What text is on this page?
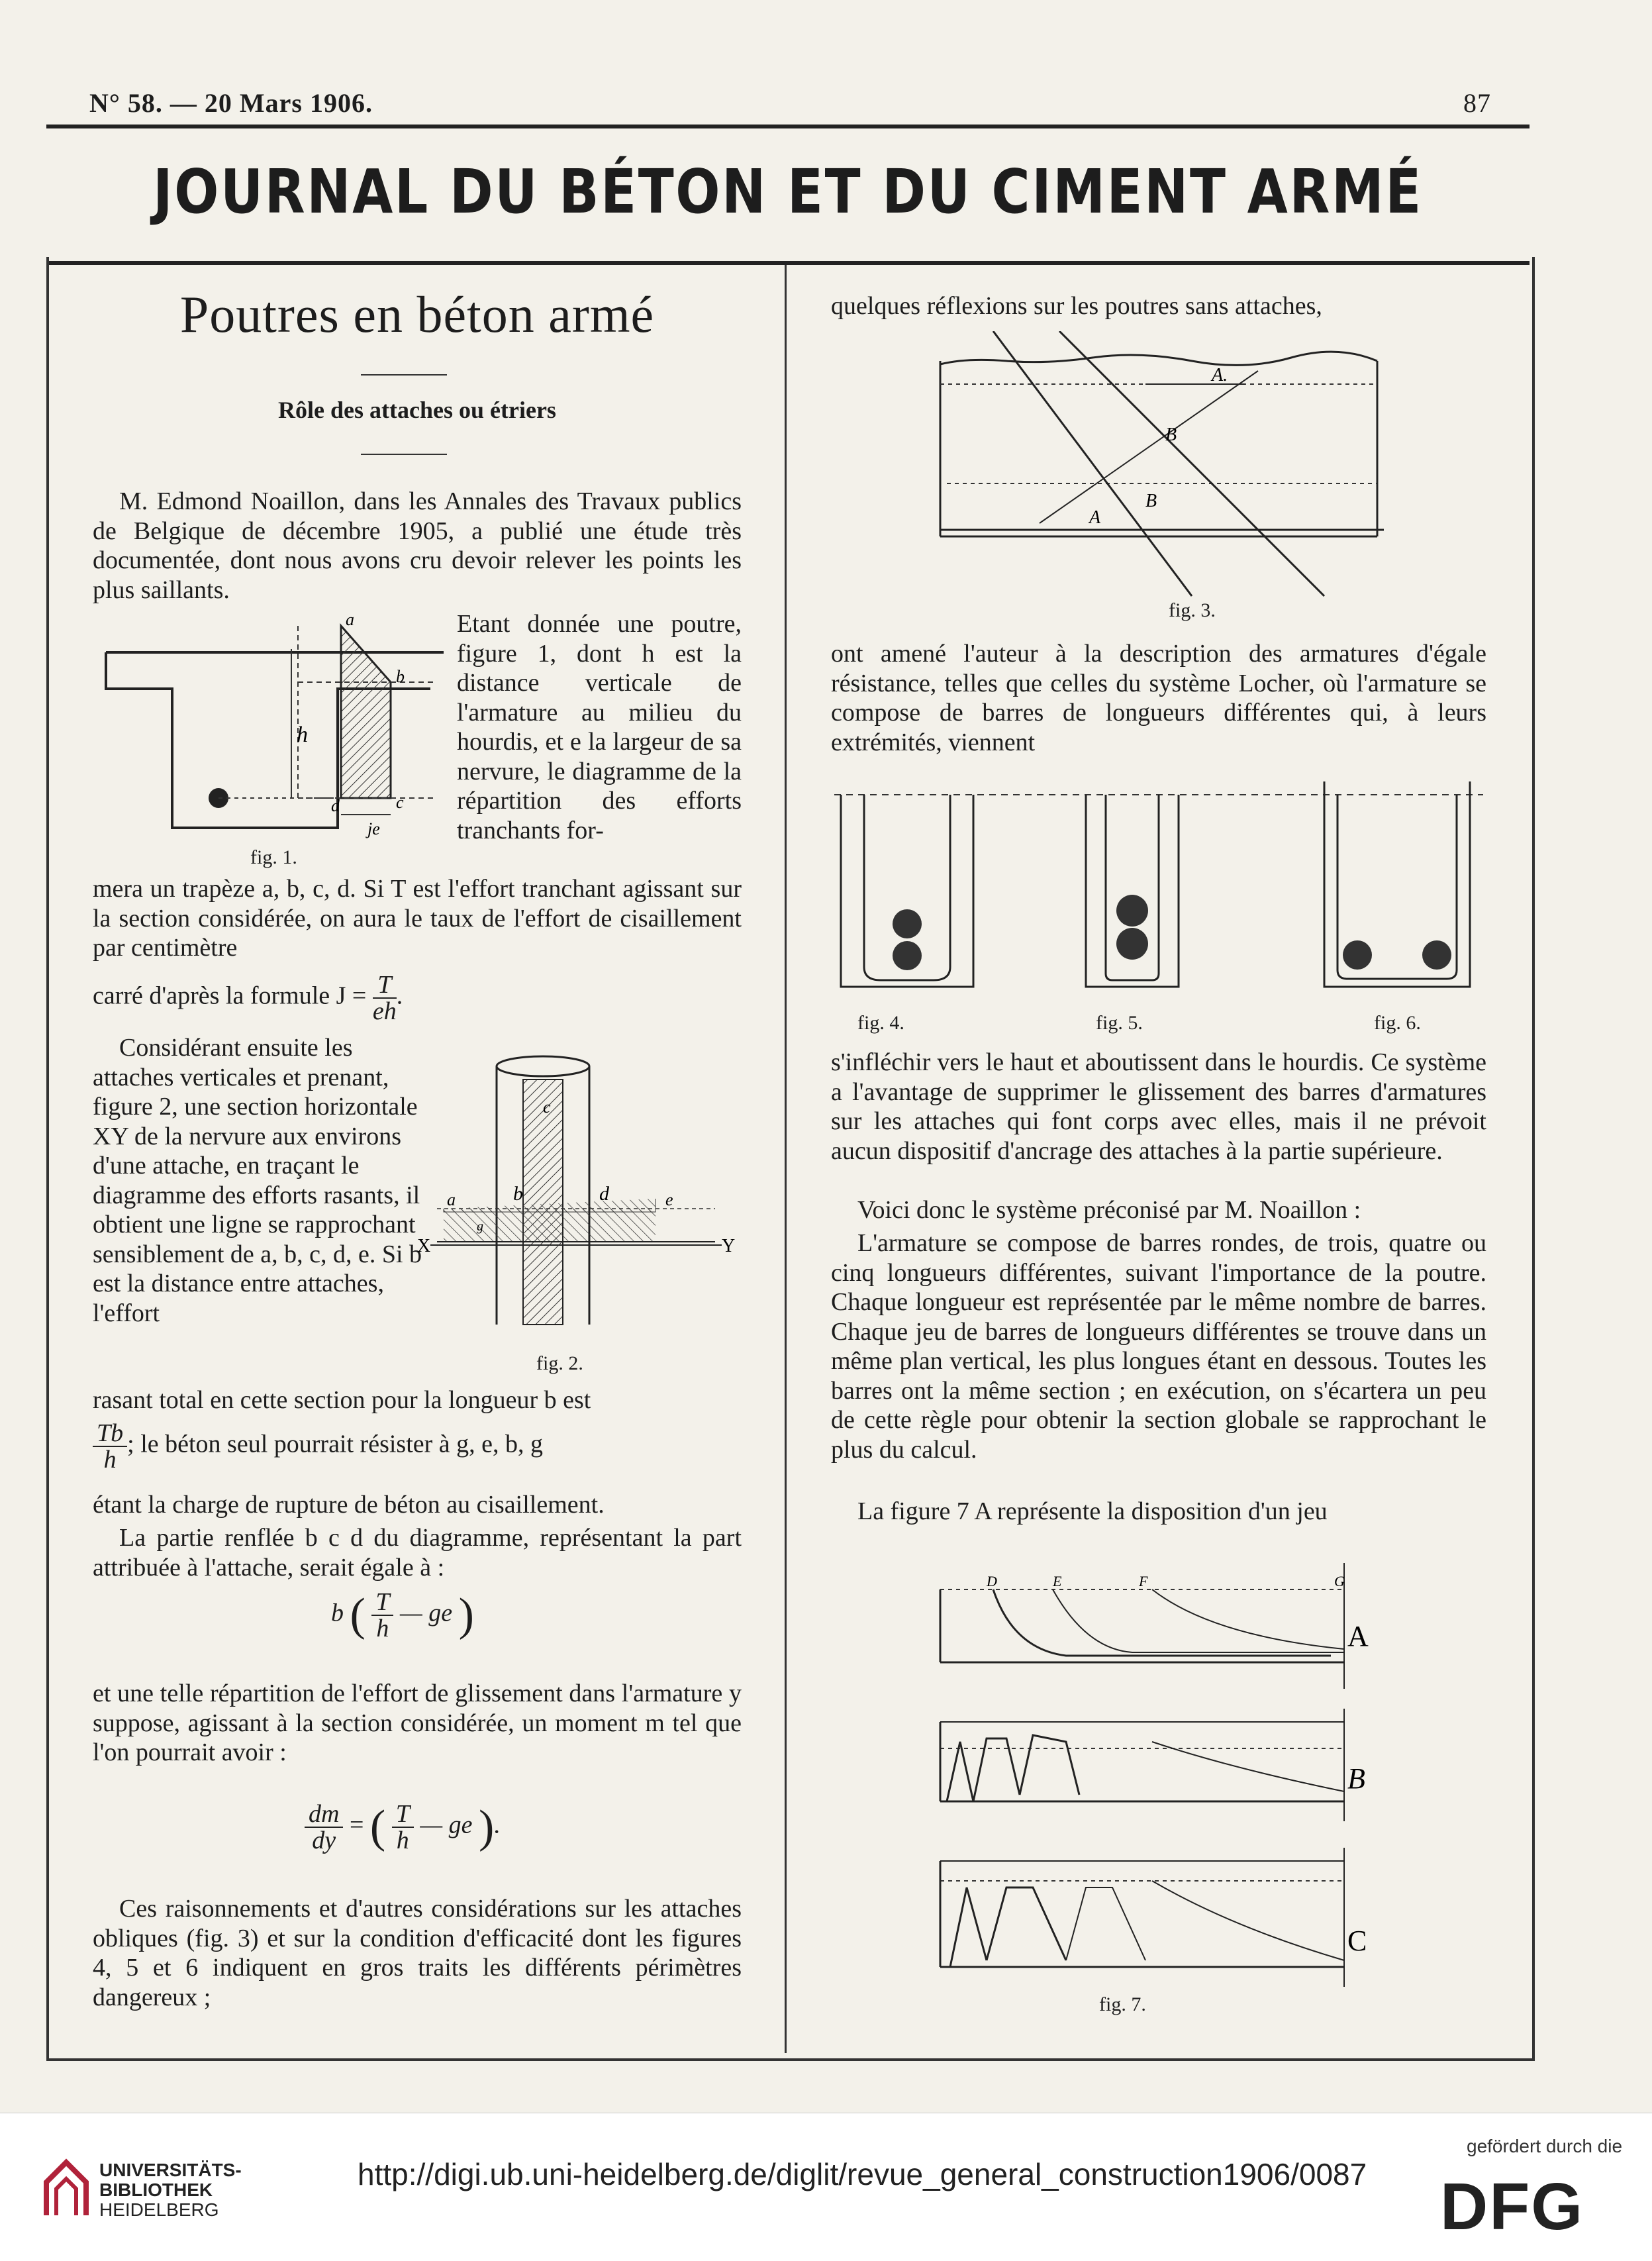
N° 58. — 20 Mars 1906.	87
JOURNAL DU BÉTON ET DU CIMENT ARMÉ
Poutres en béton armé
Rôle des attaches ou étriers
M. Edmond Noaillon, dans les Annales des Travaux publics de Belgique de décembre 1905, a publié une étude très documentée, dont nous avons cru devoir relever les points les plus saillants.
a
b
h
d	c
je
fig. 1.
Etant donnée une poutre, figure 1, dont h est la distance verticale de l'armature au milieu du hourdis, et e la largeur de sa nervure, le diagramme de la répartition des efforts tranchants for-
mera un trapèze a, b, c, d. Si T est l'effort tranchant agissant sur la section considérée, on aura le taux de l'effort de cisaillement par centimètre
carré d'après la formule $J = \frac{T}{eh}$ .
Considérant ensuite les attaches verticales et prenant, figure 2, une section horizontale XY de la nervure aux environs d'une attache, en traçant le diagramme des efforts rasants, il obtient une ligne se rapprochant sensiblement de a, b, c, d, e. Si b est la distance entre attaches, l'effort
c
a	b	d	e
X	Y
g
fig. 2.
rasant total en cette section pour la longueur b est
$\frac{Tb}{h}$ ; le béton seul pourrait résister à g, e, b, g
étant la charge de rupture de béton au cisaillement.
La partie renflée b c d du diagramme, représentant la part attribuée à l'attache, serait égale à :
b ( $\frac{T}{h}$ — ge )
et une telle répartition de l'effort de glissement dans l'armature y suppose, agissant à la section considérée, un moment m tel que l'on pourrait avoir :
$\frac{dm}{dy}$ = ( $\frac{T}{h}$ — ge ).
Ces raisonnements et d'autres considérations sur les attaches obliques (fig. 3) et sur la condition d'efficacité dont les figures 4, 5 et 6 indiquent en gros traits les différents périmètres dangereux ;
quelques réflexions sur les poutres sans attaches,
A.
B
B
A
fig. 3.
ont amené l'auteur à la description des armatures d'égale résistance, telles que celles du système Locher, où l'armature se compose de barres de longueurs différentes qui, à leurs extrémités, viennent
fig. 4.	fig. 5.	fig. 6.
s'infléchir vers le haut et aboutissent dans le hourdis. Ce système a l'avantage de supprimer le glissement des barres d'armatures sur les attaches qui font corps avec elles, mais il ne prévoit aucun dispositif d'ancrage des attaches à la partie supérieure.
Voici donc le système préconisé par M. Noaillon :
L'armature se compose de barres rondes, de trois, quatre ou cinq longueurs différentes, suivant l'importance de la poutre. Chaque longueur est représentée par le même nombre de barres. Chaque jeu de barres de longueurs différentes se trouve dans un même plan vertical, les plus longues étant en dessous. Toutes les barres ont la même section ; en exécution, on s'écartera un peu de cette règle pour obtenir la section globale se rapprochant le plus du calcul.
La figure 7 A représente la disposition d'un jeu
D	E	F	G
A
B
C
fig. 7.
UNIVERSITÄTS-
BIBLIOTHEK
HEIDELBERG
http://digi.ub.uni-heidelberg.de/diglit/revue_general_construction1906/0087
gefördert durch die
DFG
